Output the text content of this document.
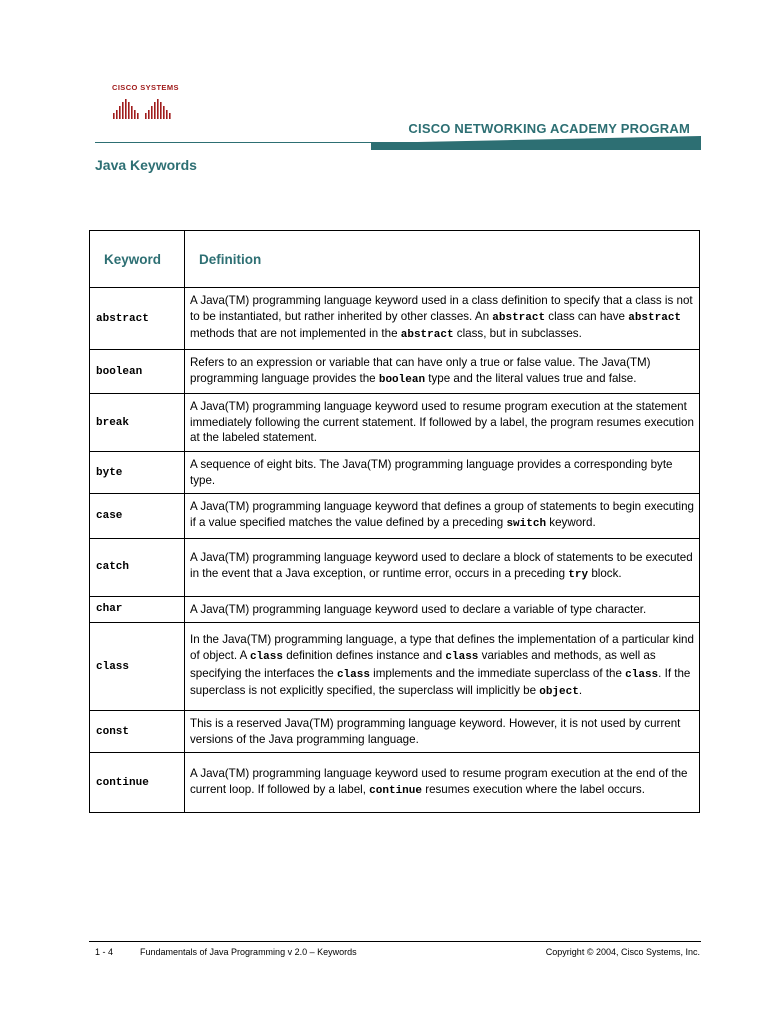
CISCO SYSTEMS
CISCO NETWORKING ACADEMY PROGRAM
Java Keywords
Keyword	Definition
abstract	A Java(TM) programming language keyword used in a class definition to specify that a class is not to be instantiated, but rather inherited by other classes. An abstract class can have abstract methods that are not implemented in the abstract class, but in subclasses.
boolean	Refers to an expression or variable that can have only a true or false value. The Java(TM) programming language provides the boolean type and the literal values true and false.
break	A Java(TM) programming language keyword used to resume program execution at the statement immediately following the current statement. If followed by a label, the program resumes execution at the labeled statement.
byte	A sequence of eight bits. The Java(TM) programming language provides a corresponding byte type.
case	A Java(TM) programming language keyword that defines a group of statements to begin executing if a value specified matches the value defined by a preceding switch keyword.
catch	A Java(TM) programming language keyword used to declare a block of statements to be executed in the event that a Java exception, or runtime error, occurs in a preceding try block.
char	A Java(TM) programming language keyword used to declare a variable of type character.
class	In the Java(TM) programming language, a type that defines the implementation of a particular kind of object. A class definition defines instance and class variables and methods, as well as specifying the interfaces the class implements and the immediate superclass of the class. If the superclass is not explicitly specified, the superclass will implicitly be object.
const	This is a reserved Java(TM) programming language keyword. However, it is not used by current versions of the Java programming language.
continue	A Java(TM) programming language keyword used to resume program execution at the end of the current loop. If followed by a label, continue resumes execution where the label occurs.
1 - 4	Fundamentals of Java Programming v 2.0 – Keywords	Copyright © 2004, Cisco Systems, Inc.
